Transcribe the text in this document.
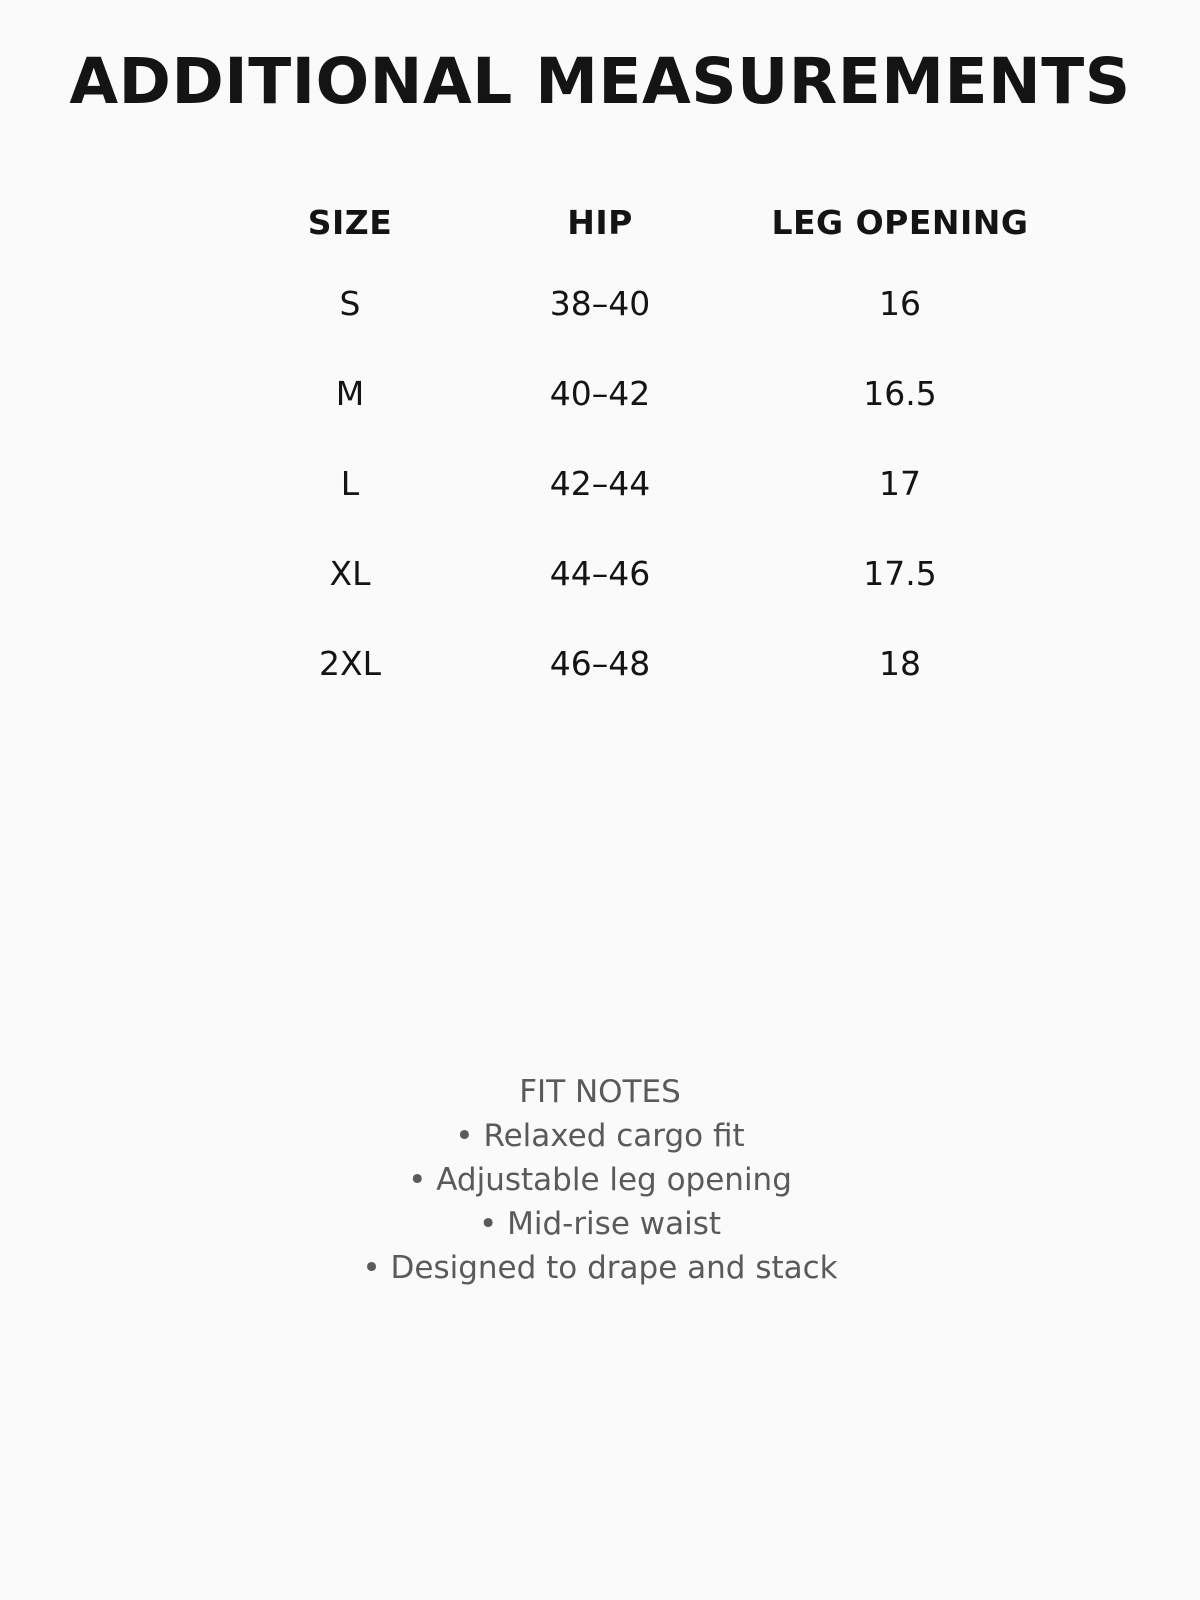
ADDITIONAL MEASUREMENTS
SIZE	HIP	LEG OPENING
S	38–40	16
M	40–42	16.5
L	42–44	17
XL	44–46	17.5
2XL	46–48	18
FIT NOTES
• Relaxed cargo fit
• Adjustable leg opening
• Mid-rise waist
• Designed to drape and stack
